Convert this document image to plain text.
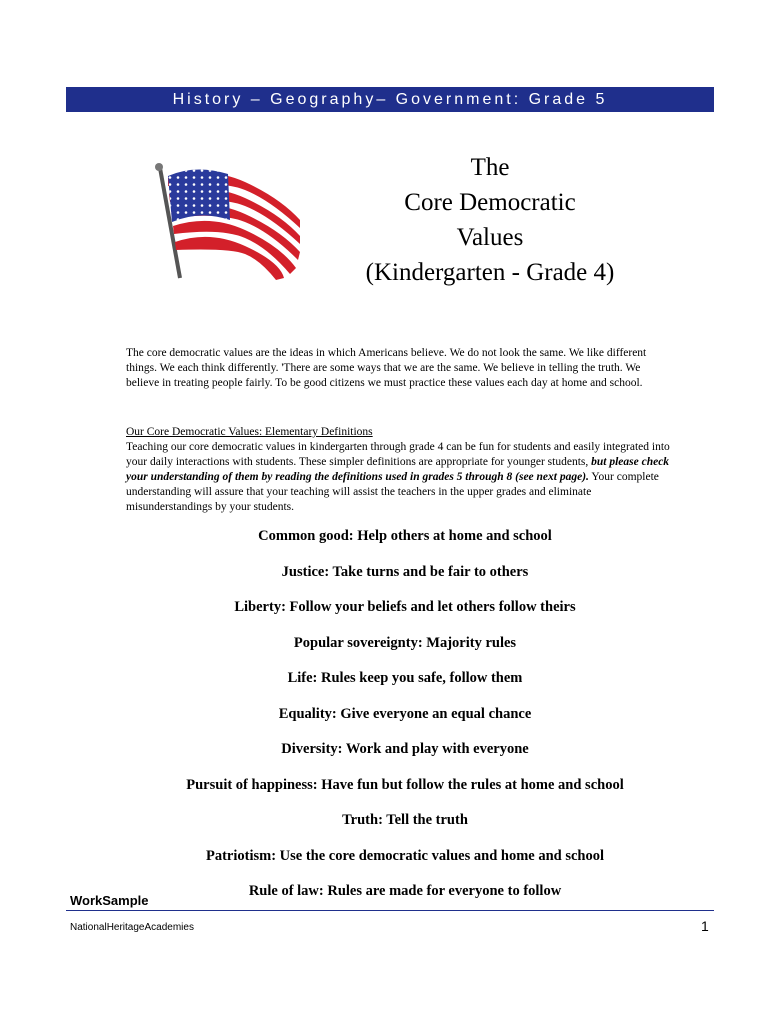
History – Geography– Government: Grade 5
The
Core Democratic
Values
(Kindergarten - Grade 4)
The core democratic values are the ideas in which Americans believe. We do not look the same. We like different things. We each think differently. 'There are some ways that we are the same. We believe in telling the truth. We believe in treating people fairly. To be good citizens we must practice these values each day at home and school.
Our Core Democratic Values: Elementary Definitions
Teaching our core democratic values in kindergarten through grade 4 can be fun for students and easily integrated into your daily interactions with students. These simpler definitions are appropriate for younger students, but please check your understanding of them by reading the definitions used in grades 5 through 8 (see next page). Your complete understanding will assure that your teaching will assist the teachers in the upper grades and eliminate misunderstandings by your students.
Common good: Help others at home and school
Justice: Take turns and be fair to others
Liberty: Follow your beliefs and let others follow theirs
Popular sovereignty: Majority rules
Life: Rules keep you safe, follow them
Equality: Give everyone an equal chance
Diversity: Work and play with everyone
Pursuit of happiness: Have fun but follow the rules at home and school
Truth: Tell the truth
Patriotism: Use the core democratic values and home and school
Rule of law: Rules are made for everyone to follow
WorkSample
NationalHeritageAcademies	1
